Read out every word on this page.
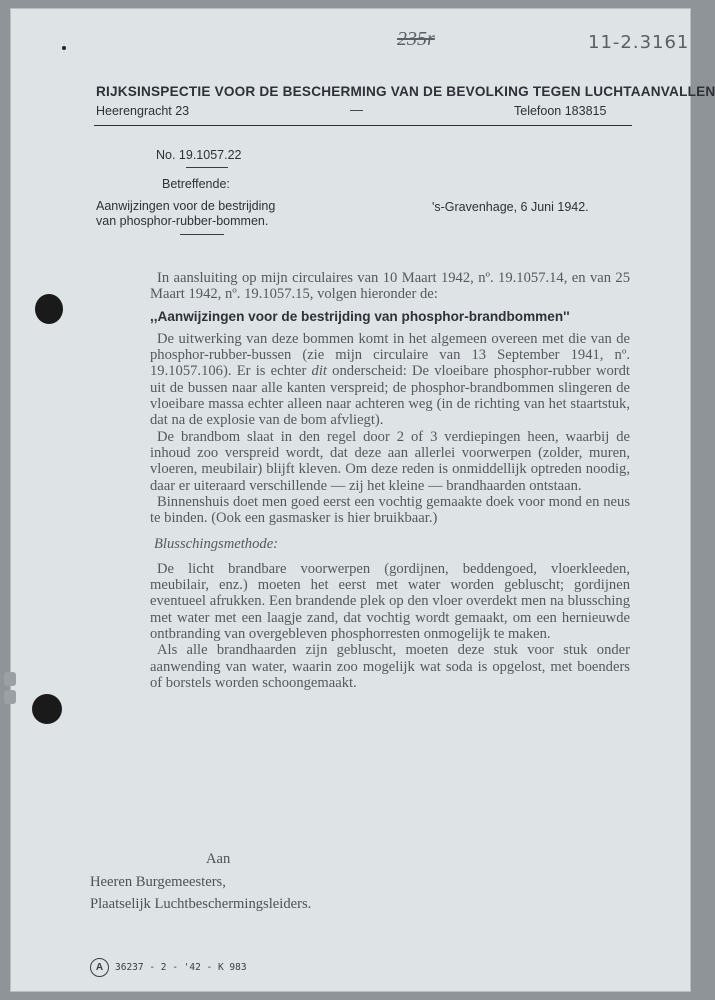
235r	11-2.3161
RIJKSINSPECTIE VOOR DE BESCHERMING VAN DE BEVOLKING TEGEN LUCHTAANVALLEN
Heerengracht 23	—	Telefoon 183815
No. 19.1057.22
Betreffende:
Aanwijzingen voor de bestrijding
van phosphor-rubber-bommen.
's-Gravenhage, 6 Juni 1942.

In aansluiting op mijn circulaires van 10 Maart 1942, nº. 19.1057.14, en van 25 Maart 1942, nº. 19.1057.15, volgen hieronder de:

,,Aanwijzingen voor de bestrijding van phosphor-brandbommen''

De uitwerking van deze bommen komt in het algemeen overeen met die van de phosphor-rubber-bussen (zie mijn circulaire van 13 September 1941, nº. 19.1057.106). Er is echter dit onderscheid: De vloeibare phosphor-rubber wordt uit de bussen naar alle kanten verspreid; de phosphor-brandbommen slingeren de vloeibare massa echter alleen naar achteren weg (in de richting van het staartstuk, dat na de explosie van de bom afvliegt).

De brandbom slaat in den regel door 2 of 3 verdiepingen heen, waarbij de inhoud zoo verspreid wordt, dat deze aan allerlei voorwerpen (zolder, muren, vloeren, meubilair) blijft kleven. Om deze reden is onmiddellijk optreden noodig, daar er uiteraard verschillende — zij het kleine — brandhaarden ontstaan.

Binnenshuis doet men goed eerst een vochtig gemaakte doek voor mond en neus te binden. (Ook een gasmasker is hier bruikbaar.)

Blusschingsmethode:

De licht brandbare voorwerpen (gordijnen, beddengoed, vloerkleeden, meubilair, enz.) moeten het eerst met water worden gebluscht; gordijnen eventueel afrukken. Een brandende plek op den vloer overdekt men na blussching met water met een laagje zand, dat vochtig wordt gemaakt, om een hernieuwde ontbranding van overgebleven phosphorresten onmogelijk te maken.

Als alle brandhaarden zijn gebluscht, moeten deze stuk voor stuk onder aanwending van water, waarin zoo mogelijk wat soda is opgelost, met boenders of borstels worden schoongemaakt.

Aan
Heeren Burgemeesters,
Plaatselijk Luchtbeschermingsleiders.
A	36237 - 2 - '42 - K 983
